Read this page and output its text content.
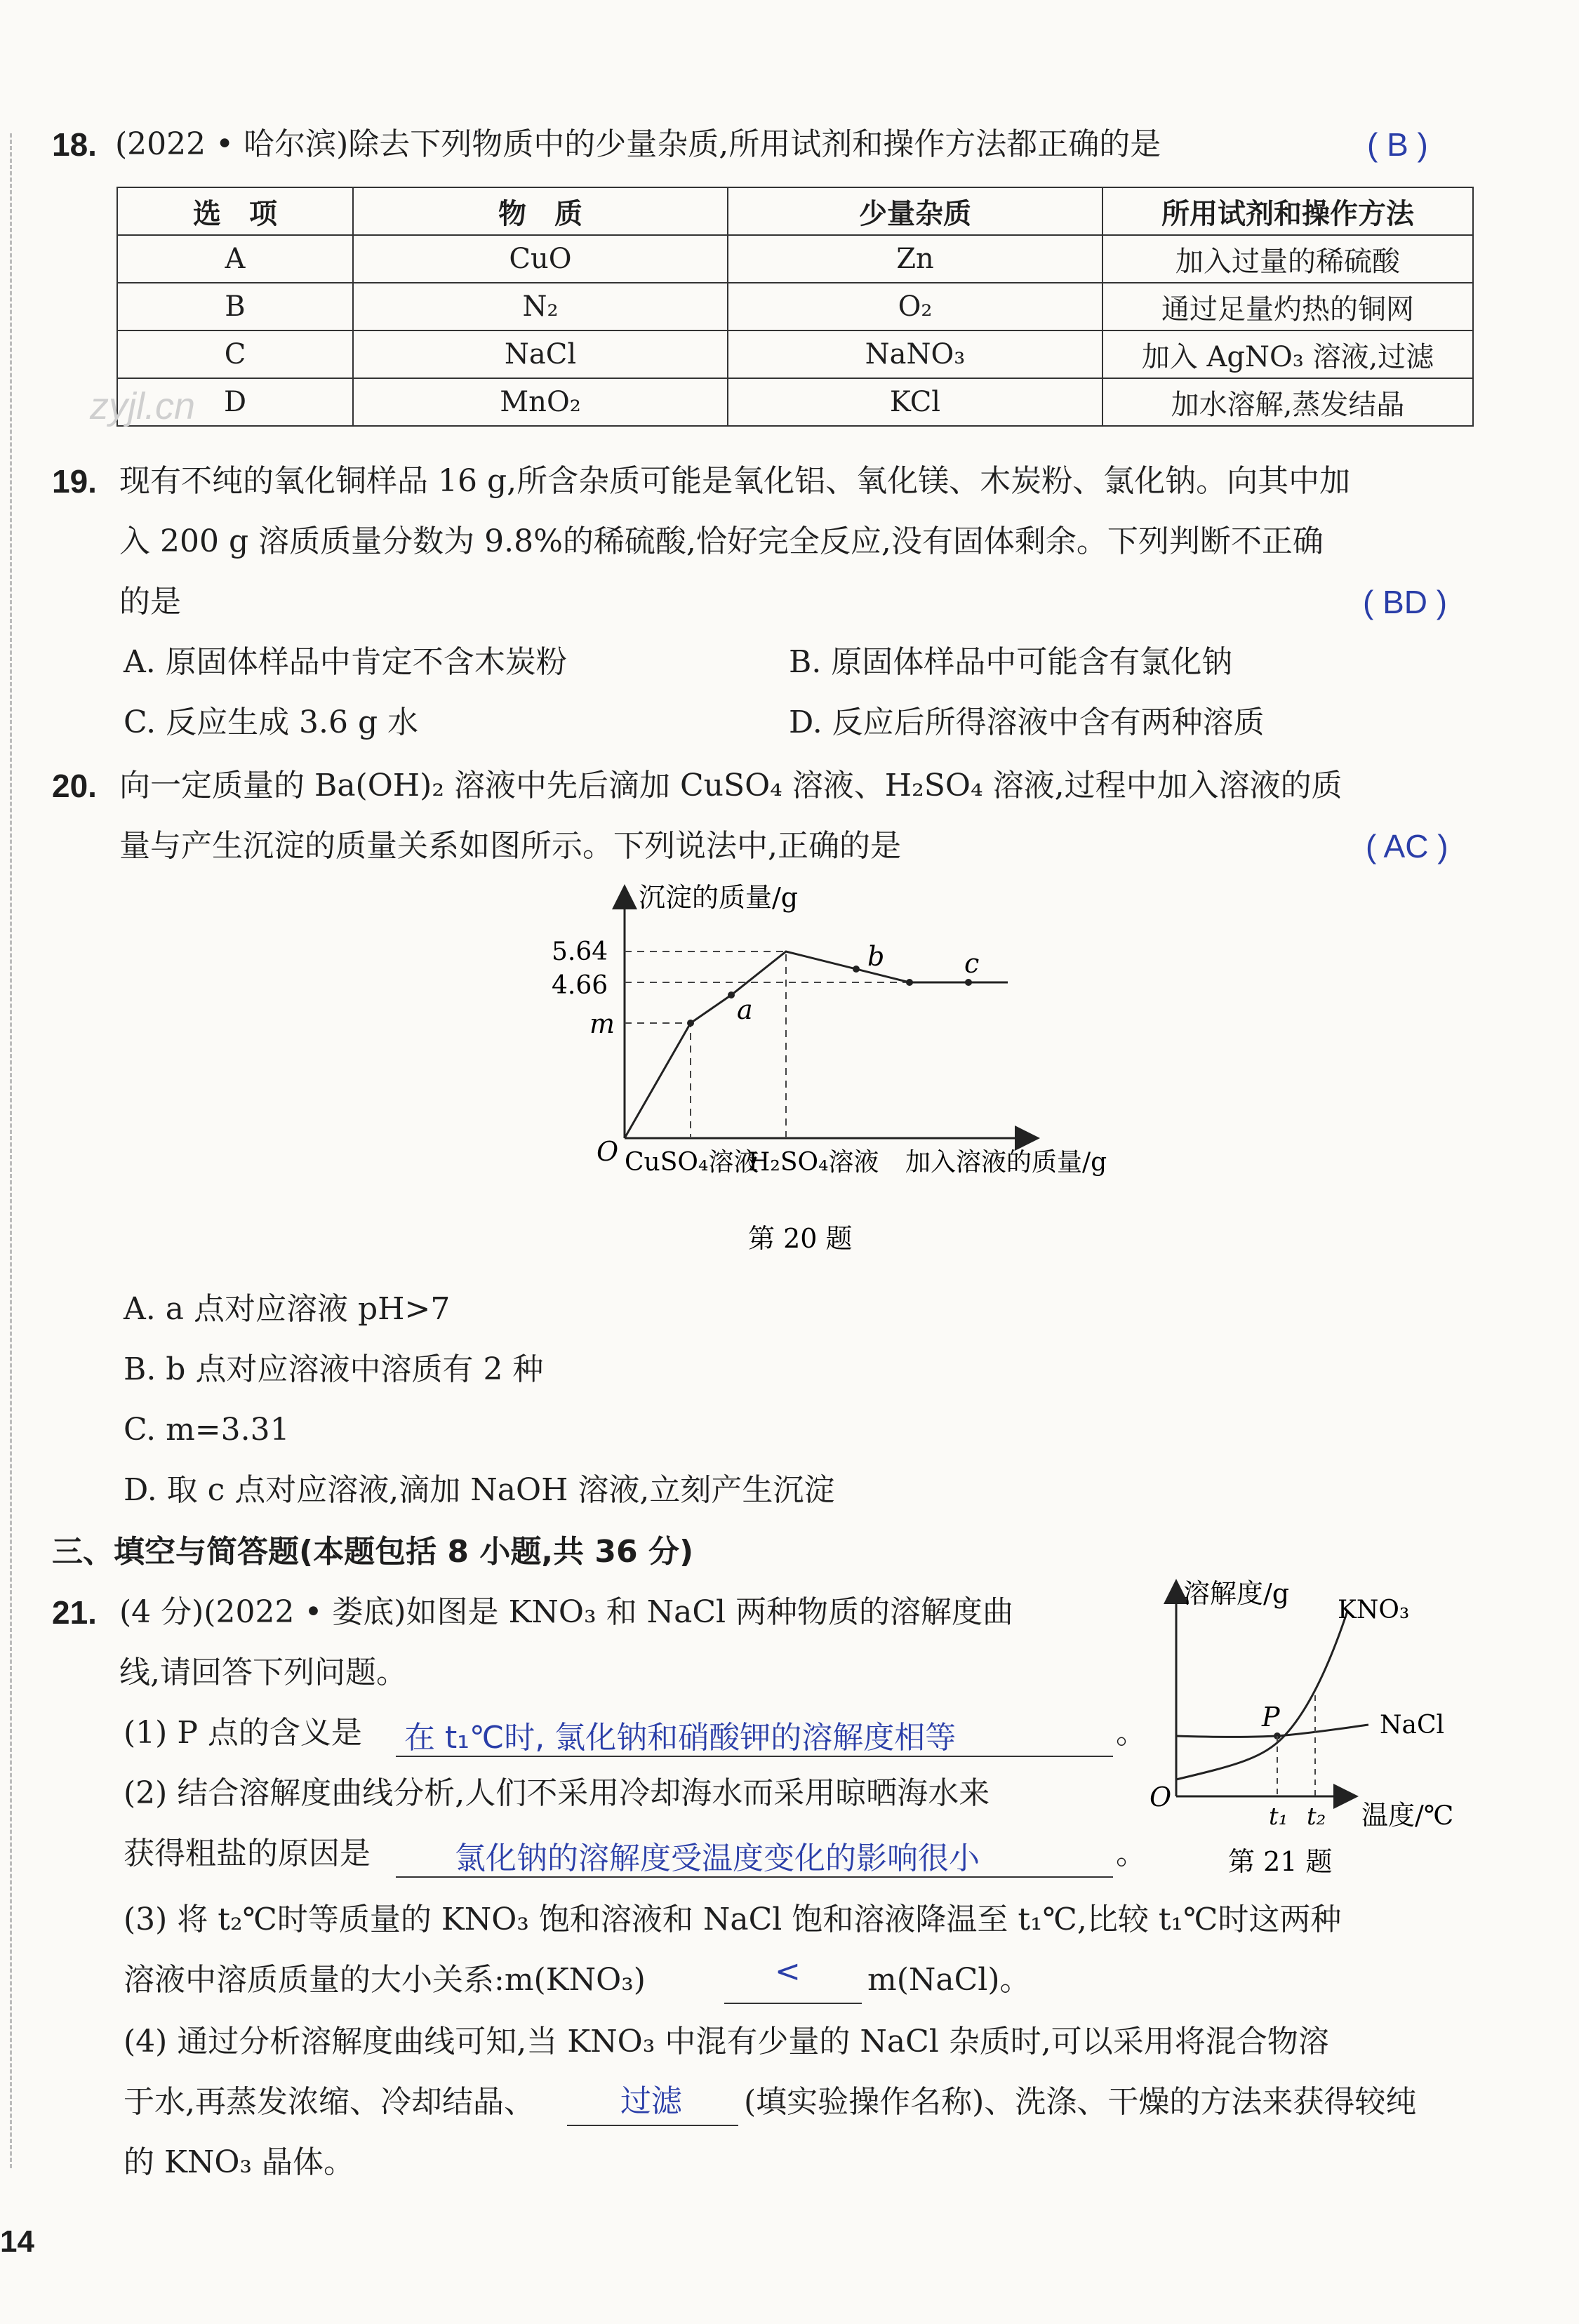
18. (2022 • 哈尔滨)除去下列物质中的少量杂质,所用试剂和操作方法都正确的是	( B )
选　项	物　质	少量杂质	所用试剂和操作方法
A	CuO	Zn	加入过量的稀硫酸
B	N₂	O₂	通过足量灼热的铜网
C	NaCl	NaNO₃	加入 AgNO₃ 溶液,过滤
D	MnO₂	KCl	加水溶解,蒸发结晶
zyjl.cn
19. 现有不纯的氧化铜样品 16 g,所含杂质可能是氧化铝、氧化镁、木炭粉、氯化钠。向其中加
入 200 g 溶质质量分数为 9.8%的稀硫酸,恰好完全反应,没有固体剩余。下列判断不正确
的是	( BD )
A. 原固体样品中肯定不含木炭粉	B. 原固体样品中可能含有氯化钠
C. 反应生成 3.6 g 水	D. 反应后所得溶液中含有两种溶质
20. 向一定质量的 Ba(OH)₂ 溶液中先后滴加 CuSO₄ 溶液、H₂SO₄ 溶液,过程中加入溶液的质
量与产生沉淀的质量关系如图所示。下列说法中,正确的是	( AC )
沉淀的质量/g
5.64
4.66
m
O
a
b	c
CuSO₄溶液
H₂SO₄溶液 加入溶液的质量/g
第 20 题
A. a 点对应溶液 pH>7
B. b 点对应溶液中溶质有 2 种
C. m=3.31
D. 取 c 点对应溶液,滴加 NaOH 溶液,立刻产生沉淀
三、填空与简答题(本题包括 8 小题,共 36 分)
21. (4 分)(2022 • 娄底)如图是 KNO₃ 和 NaCl 两种物质的溶解度曲
线,请回答下列问题。
(1) P 点的含义是 在 t₁℃时, 氯化钠和硝酸钾的溶解度相等	。
(2) 结合溶解度曲线分析,人们不采用冷却海水而采用晾晒海水来
获得粗盐的原因是	氯化钠的溶解度受温度变化的影响很小	。
溶解度/g
温度/℃
O
KNO₃
NaCl
P
t₁ t₂
第 21 题
(3) 将 t₂℃时等质量的 KNO₃ 饱和溶液和 NaCl 饱和溶液降温至 t₁℃,比较 t₁℃时这两种
溶液中溶质质量的大小关系:m(KNO₃)	< m(NaCl)。
(4) 通过分析溶解度曲线可知,当 KNO₃ 中混有少量的 NaCl 杂质时,可以采用将混合物溶
于水,再蒸发浓缩、冷却结晶、	过滤 (填实验操作名称)、洗涤、干燥的方法来获得较纯
的 KNO₃ 晶体。
14
